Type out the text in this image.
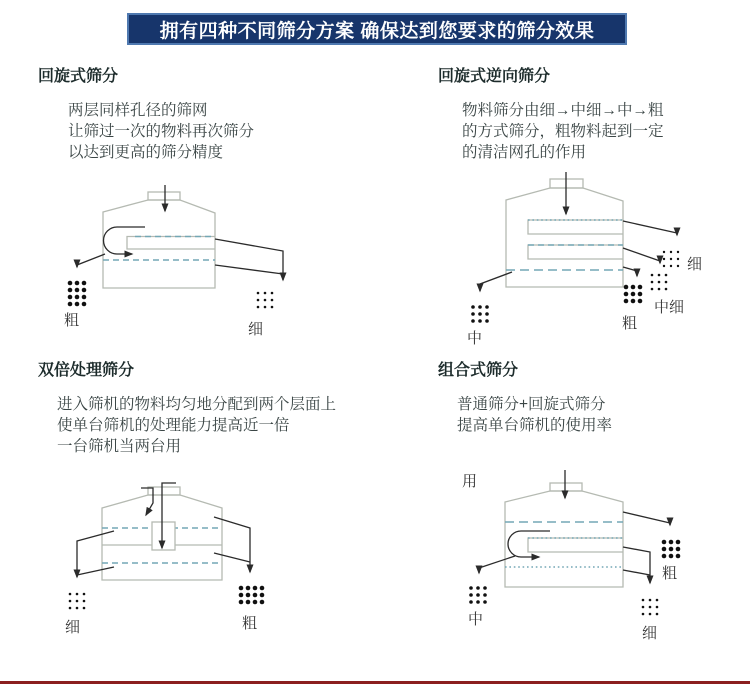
拥有四种不同筛分方案 确保达到您要求的筛分效果
回旋式筛分
两层同样孔径的筛网
让筛过一次的物料再次筛分
以达到更高的筛分精度
粗
细
回旋式逆向筛分
物料筛分由细→中细→中→粗
的方式筛分，粗物料起到一定
的清洁网孔的作用
细
中细
粗
中
双倍处理筛分
进入筛机的物料均匀地分配到两个层面上
使单台筛机的处理能力提高近一倍
一台筛机当两台用
细	粗
组合式筛分
普通筛分+回旋式筛分
提高单台筛机的使用率
用
粗
细
中
